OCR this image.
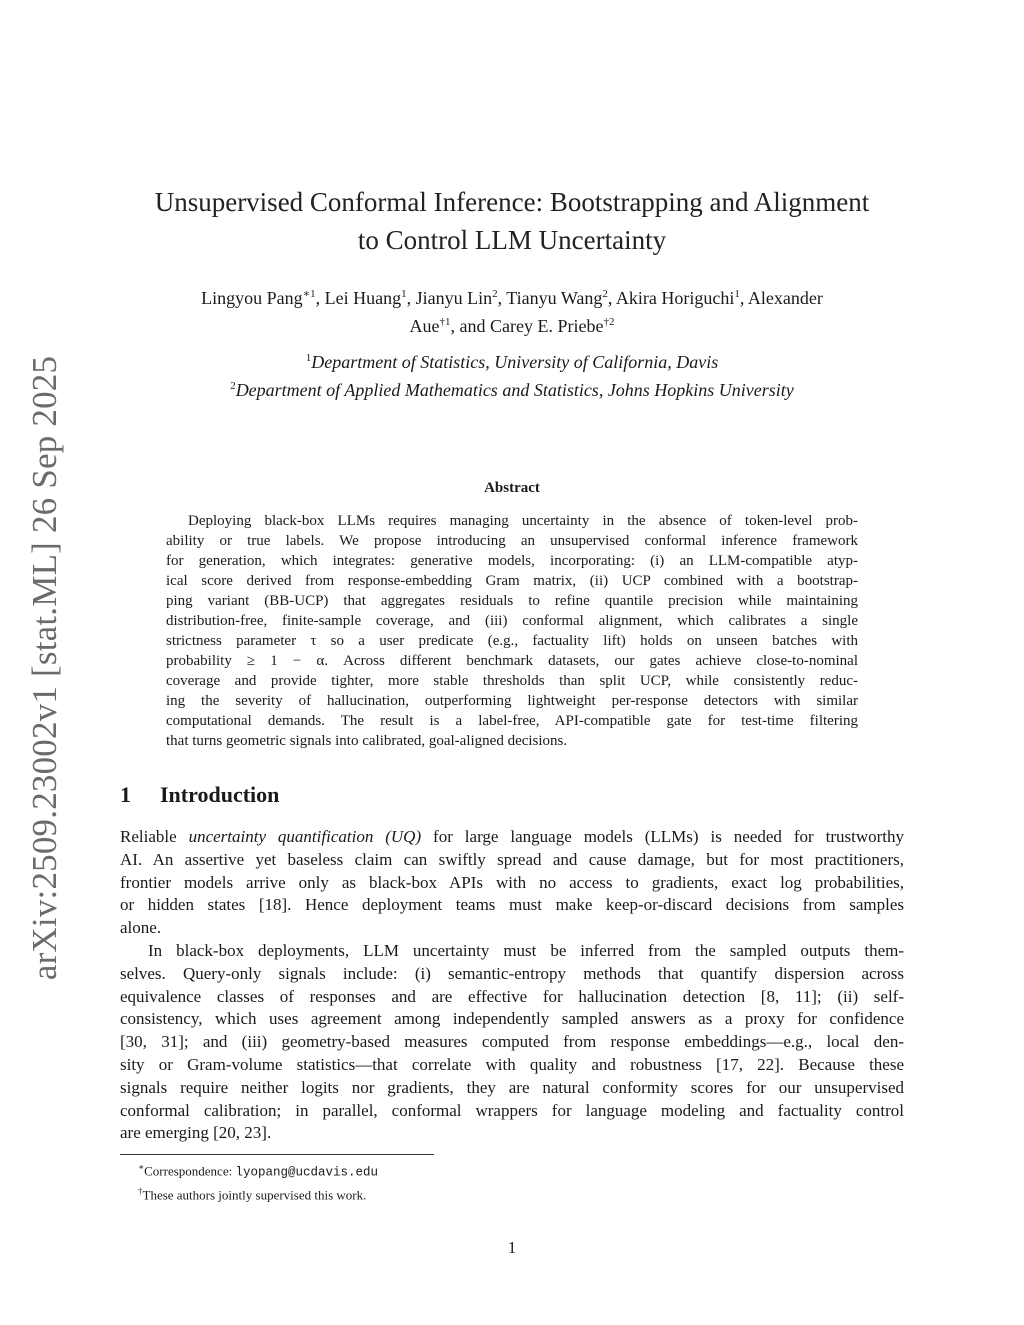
arXiv:2509.23002v1 [stat.ML] 26 Sep 2025
Unsupervised Conformal Inference: Bootstrapping and Alignment
to Control LLM Uncertainty
Lingyou Pang$^{∗1}$, Lei Huang$^1$, Jianyu Lin$^2$, Tianyu Wang$^2$, Akira Horiguchi$^1$, Alexander
Aue$^{\dagger 1}$, and Carey E. Priebe$^{\dagger 2}$
$^1$Department of Statistics, University of California, Davis
$^2$Department of Applied Mathematics and Statistics, Johns Hopkins University
Abstract
Deploying black-box LLMs requires managing uncertainty in the absence of token-level prob-
ability or true labels. We propose introducing an unsupervised conformal inference framework
for generation, which integrates: generative models, incorporating: (i) an LLM-compatible atyp-
ical score derived from response-embedding Gram matrix, (ii) UCP combined with a bootstrap-
ping variant (BB-UCP) that aggregates residuals to refine quantile precision while maintaining
distribution-free, finite-sample coverage, and (iii) conformal alignment, which calibrates a single
strictness parameter τ so a user predicate (e.g., factuality lift) holds on unseen batches with
probability ≥ 1 − α. Across different benchmark datasets, our gates achieve close-to-nominal
coverage and provide tighter, more stable thresholds than split UCP, while consistently reduc-
ing the severity of hallucination, outperforming lightweight per-response detectors with similar
computational demands. The result is a label-free, API-compatible gate for test-time filtering
that turns geometric signals into calibrated, goal-aligned decisions.
1 Introduction
Reliable uncertainty quantification (UQ) for large language models (LLMs) is needed for trustworthy
AI. An assertive yet baseless claim can swiftly spread and cause damage, but for most practitioners,
frontier models arrive only as black-box APIs with no access to gradients, exact log probabilities,
or hidden states [18]. Hence deployment teams must make keep-or-discard decisions from samples
alone.
In black-box deployments, LLM uncertainty must be inferred from the sampled outputs them-
selves. Query-only signals include: (i) semantic-entropy methods that quantify dispersion across
equivalence classes of responses and are effective for hallucination detection [8, 11]; (ii) self-
consistency, which uses agreement among independently sampled answers as a proxy for confidence
[30, 31]; and (iii) geometry-based measures computed from response embeddings—e.g., local den-
sity or Gram-volume statistics—that correlate with quality and robustness [17, 22]. Because these
signals require neither logits nor gradients, they are natural conformity scores for our unsupervised
conformal calibration; in parallel, conformal wrappers for language modeling and factuality control
are emerging [20, 23].
∗Correspondence: lyopang@ucdavis.edu
†These authors jointly supervised this work.
1
